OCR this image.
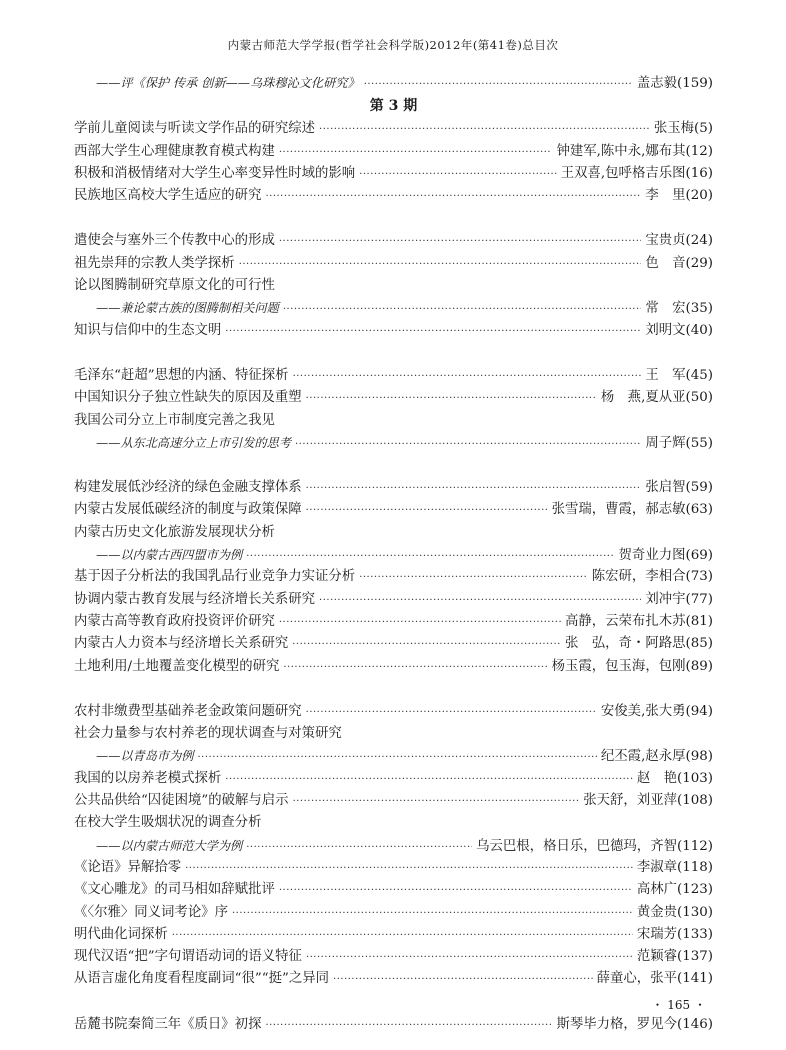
内蒙古师范大学学报(哲学社会科学版)2012年(第41卷)总目次
——评《保护 传承 创新——乌珠穆沁文化研究》 ·····	盖志毅(159)
第 3 期
学前儿童阅读与听读文学作品的研究综述 ·····	张玉梅(5)
西部大学生心理健康教育模式构建 ·····	钟建军,陈中永,娜布其(12)
积极和消极情绪对大学生心率变异性时域的影响 ·····	王双喜,包呼格吉乐图(16)
民族地区高校大学生适应的研究 ·····	李　里(20)
遣使会与塞外三个传教中心的形成 ·····	宝贵贞(24)
祖先崇拜的宗教人类学探析 ·····	色　音(29)
论以图腾制研究草原文化的可行性
——兼论蒙古族的图腾制相关问题 ·····	常　宏(35)
知识与信仰中的生态文明 ·····	刘明文(40)
毛泽东“赶超”思想的内涵、特征探析 ·····	王　军(45)
中国知识分子独立性缺失的原因及重塑 ·····	杨　燕,夏从亚(50)
我国公司分立上市制度完善之我见
——从东北高速分立上市引发的思考 ·····	周子辉(55)
构建发展低沙经济的绿色金融支撑体系 ·····	张启智(59)
内蒙古发展低碳经济的制度与政策保障 ·····	张雪瑞，曹霞，郝志敏(63)
内蒙古历史文化旅游发展现状分析
——以内蒙古西四盟市为例 ·····	贺奇业力图(69)
基于因子分析法的我国乳品行业竞争力实证分析 ·····	陈宏研，李相合(73)
协调内蒙古教育发展与经济增长关系研究 ·····	刘冲宇(77)
内蒙古高等教育政府投资评价研究 ·····	高静，云荣布扎木苏(81)
内蒙古人力资本与经济增长关系研究 ·····	张　弘，奇・阿路思(85)
土地利用/土地覆盖变化模型的研究 ·····	杨玉霞，包玉海，包刚(89)
农村非缴费型基础养老金政策问题研究 ·····	安俊美,张大勇(94)
社会力量参与农村养老的现状调查与对策研究
——以青岛市为例 ·····	纪丕霞,赵永厚(98)
我国的以房养老模式探析 ·····	赵　艳(103)
公共品供给“囚徒困境”的破解与启示 ·····	张天舒，刘亚萍(108)
在校大学生吸烟状况的调查分析
——以内蒙古师范大学为例 ·····	乌云巴根，格日乐，巴德玛，齐智(112)
《论语》异解拾零 ·····	李淑章(118)
《文心雕龙》的司马相如辞赋批评 ·····	高林广(123)
《〈尔雅〉同义词考论》序 ·····	黄金贵(130)
明代曲化词探析 ·····	宋瑞芳(133)
现代汉语“把”字句谓语动词的语义特征 ·····	范颖睿(137)
从语言虚化角度看程度副词“很”“挺”之异同 ·····	薛童心，张平(141)
岳麓书院秦简三年《质日》初探 ·····	斯琴毕力格，罗见今(146)
・ 165 ・
